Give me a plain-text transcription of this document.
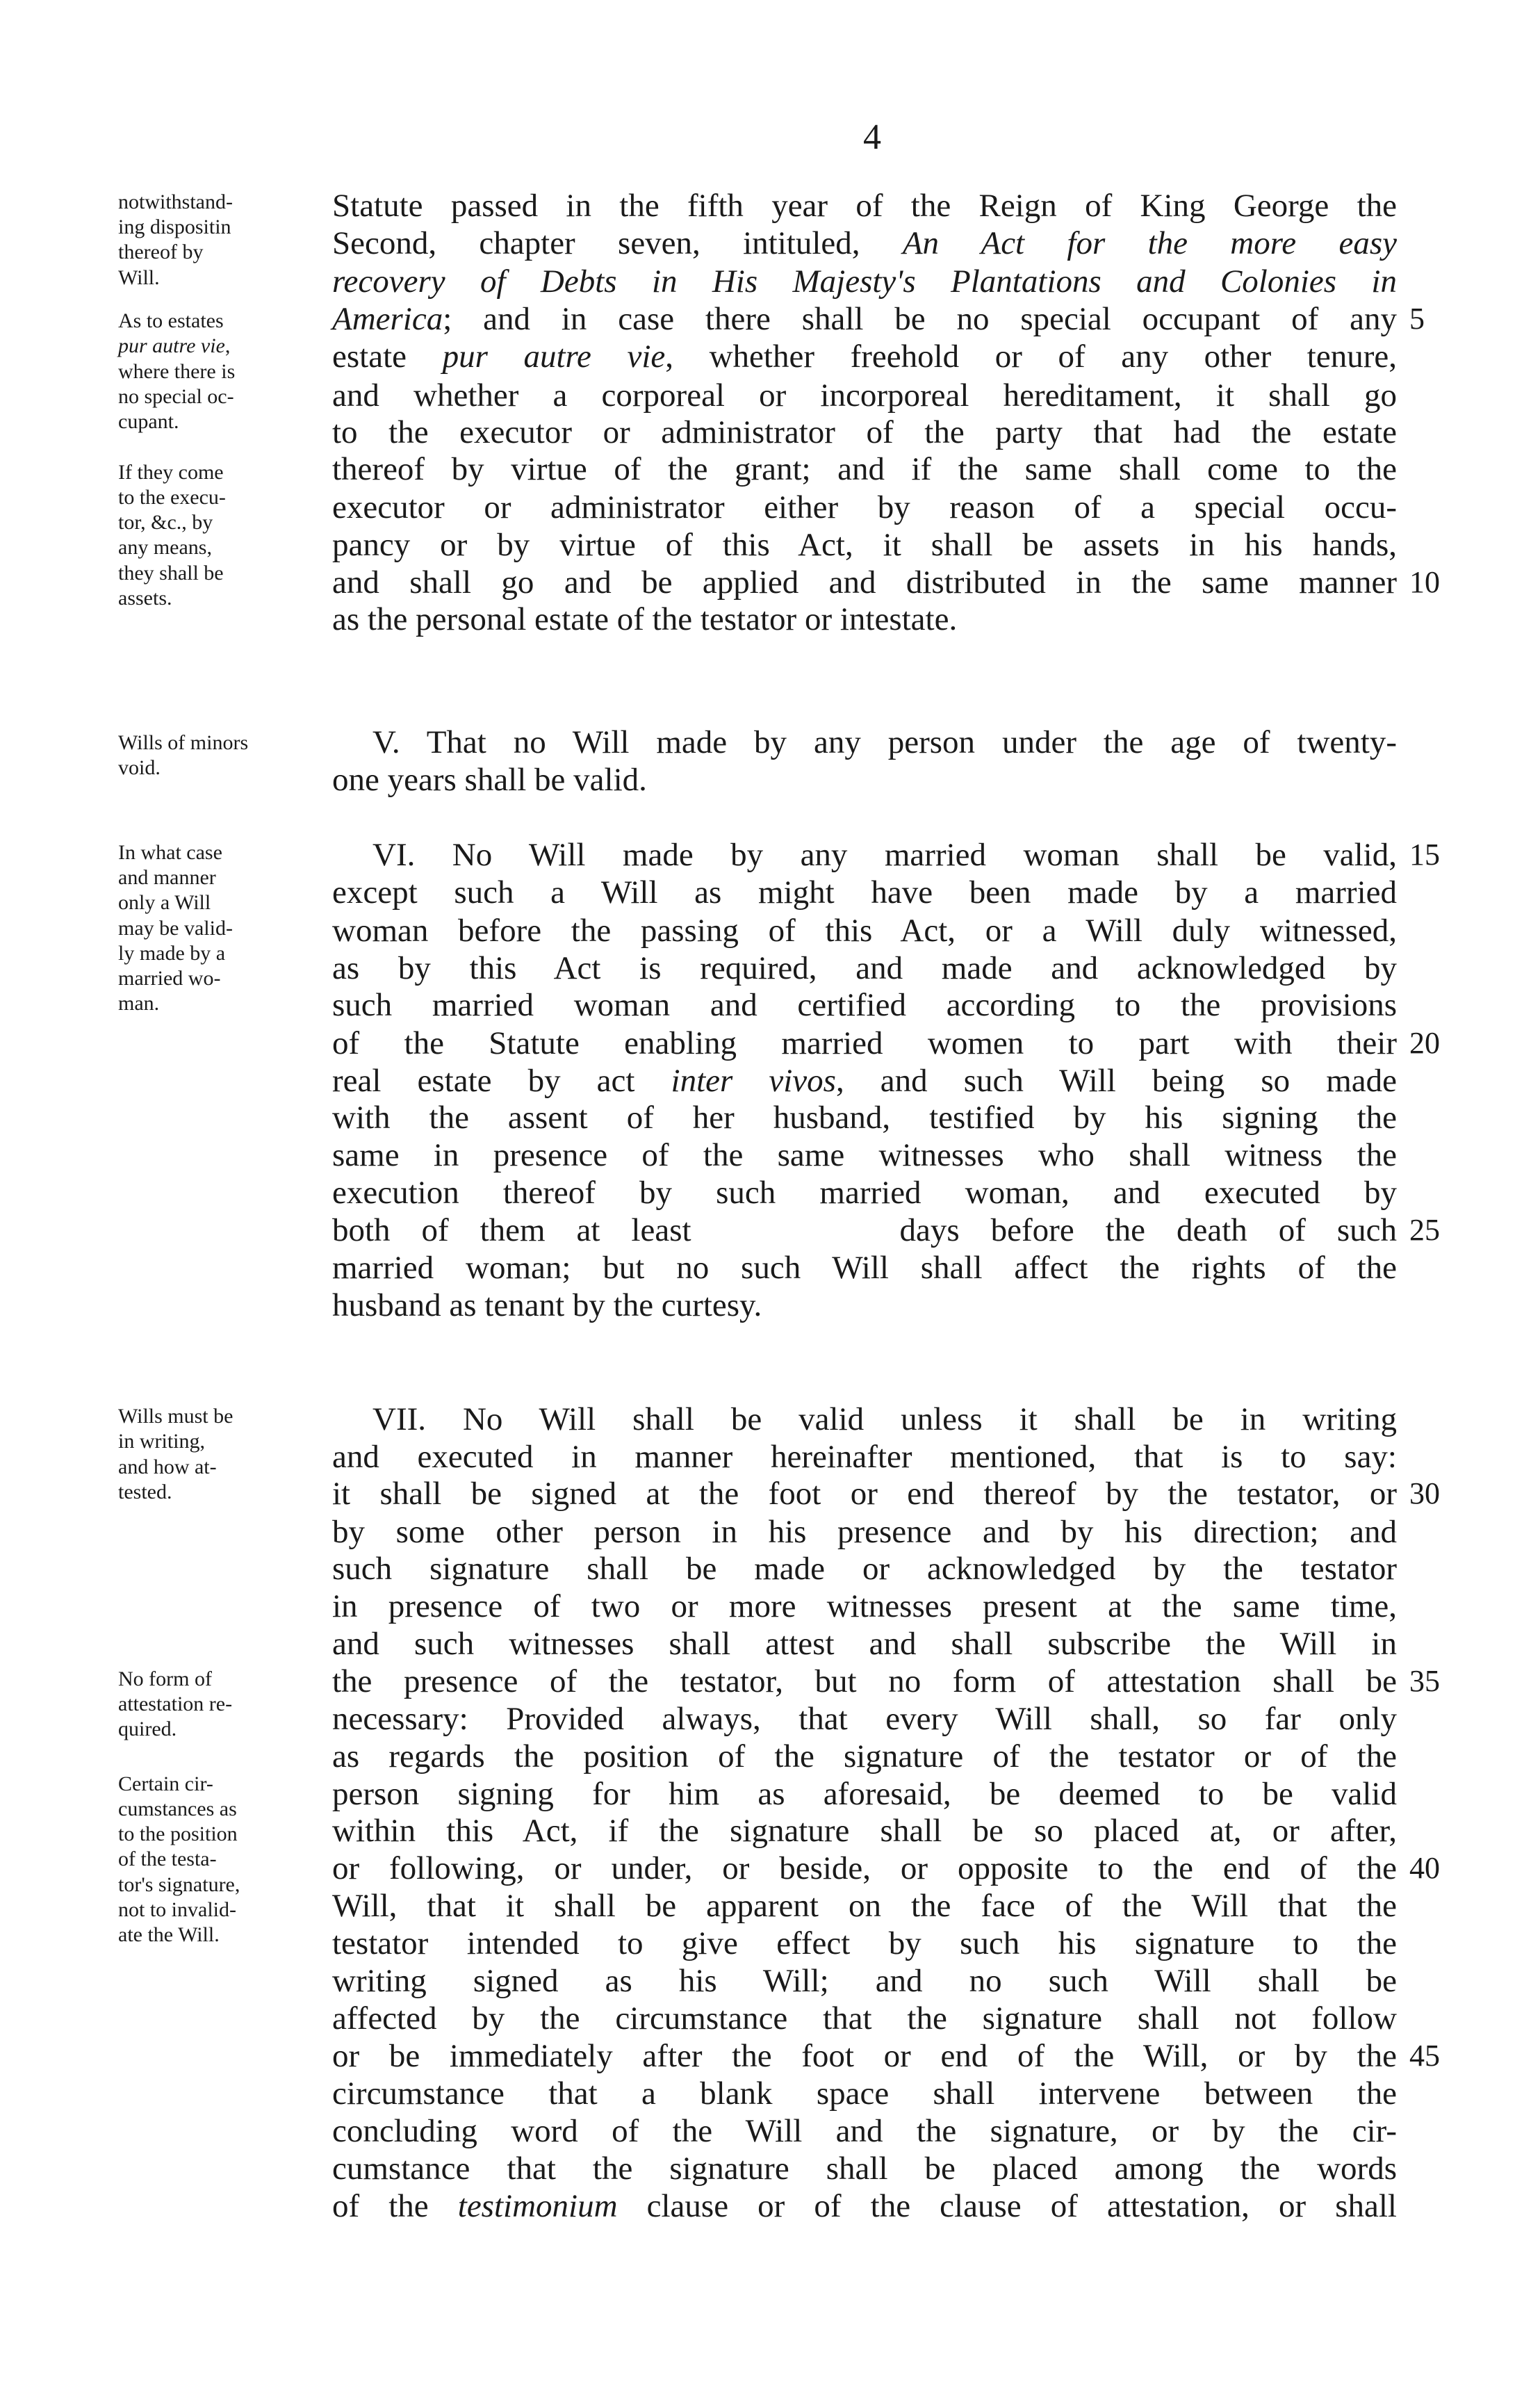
4
Statute passed in the fifth year of the Reign of King George the
Second, chapter seven, intituled, An Act for the more easy
recovery of Debts in His Majesty's Plantations and Colonies in
America; and in case there shall be no special occupant of any
estate pur autre vie, whether freehold or of any other tenure,
and whether a corporeal or incorporeal hereditament, it shall go
to the executor or administrator of the party that had the estate
thereof by virtue of the grant; and if the same shall come to the
executor or administrator either by reason of a special occu-
pancy or by virtue of this Act, it shall be assets in his hands,
and shall go and be applied and distributed in the same manner
as the personal estate of the testator or intestate.
V. That no Will made by any person under the age of twenty-
one years shall be valid.
VI. No Will made by any married woman shall be valid,
except such a Will as might have been made by a married
woman before the passing of this Act, or a Will duly witnessed,
as by this Act is required, and made and acknowledged by
such married woman and certified according to the provisions
of the Statute enabling married women to part with their
real estate by act inter vivos, and such Will being so made
with the assent of her husband, testified by his signing the
same in presence of the same witnesses who shall witness the
execution thereof by such married woman, and executed by
both of them at least	days before the death of such
married woman; but no such Will shall affect the rights of the
husband as tenant by the curtesy.
VII. No Will shall be valid unless it shall be in writing
and executed in manner hereinafter mentioned, that is to say:
it shall be signed at the foot or end thereof by the testator, or
by some other person in his presence and by his direction; and
such signature shall be made or acknowledged by the testator
in presence of two or more witnesses present at the same time,
and such witnesses shall attest and shall subscribe the Will in
the presence of the testator, but no form of attestation shall be
necessary: Provided always, that every Will shall, so far only
as regards the position of the signature of the testator or of the
person signing for him as aforesaid, be deemed to be valid
within this Act, if the signature shall be so placed at, or after,
or following, or under, or beside, or opposite to the end of the
Will, that it shall be apparent on the face of the Will that the
testator intended to give effect by such his signature to the
writing signed as his Will; and no such Will shall be
affected by the circumstance that the signature shall not follow
or be immediately after the foot or end of the Will, or by the
circumstance that a blank space shall intervene between the
concluding word of the Will and the signature, or by the cir-
cumstance that the signature shall be placed among the words
of the testimonium clause or of the clause of attestation, or shall
5
10
15
20
25
30
35
40
45
notwithstand-
ing dispositin
thereof by
Will.
As to estates
pur autre vie,
where there is
no special oc-
cupant.
If they come
to the execu-
tor, &c., by
any means,
they shall be
assets.
Wills of minors
void.
In what case
and manner
only a Will
may be valid-
ly made by a
married wo-
man.
Wills must be
in writing,
and how at-
tested.
No form of
attestation re-
quired.
Certain cir-
cumstances as
to the position
of the testa-
tor's signature,
not to invalid-
ate the Will.
